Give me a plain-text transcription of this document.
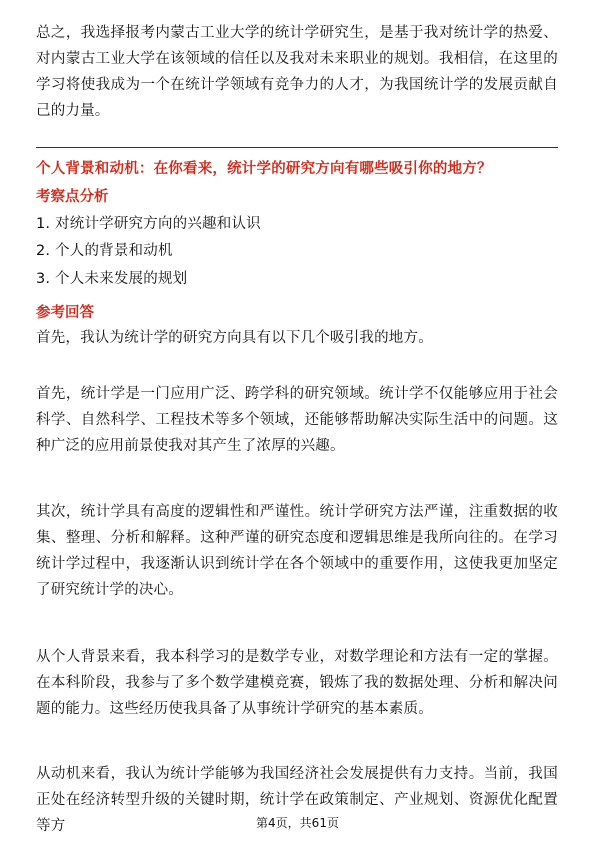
总之，我选择报考内蒙古工业大学的统计学研究生，是基于我对统计学的热爱、对内蒙古工业大学在该领域的信任以及我对未来职业的规划。我相信，在这里的学习将使我成为一个在统计学领域有竞争力的人才，为我国统计学的发展贡献自己的力量。
个人背景和动机：在你看来，统计学的研究方向有哪些吸引你的地方？
考察点分析
1. 对统计学研究方向的兴趣和认识
2. 个人的背景和动机
3. 个人未来发展的规划
参考回答
首先，我认为统计学的研究方向具有以下几个吸引我的地方。
首先，统计学是一门应用广泛、跨学科的研究领域。统计学不仅能够应用于社会科学、自然科学、工程技术等多个领域，还能够帮助解决实际生活中的问题。这种广泛的应用前景使我对其产生了浓厚的兴趣。
其次，统计学具有高度的逻辑性和严谨性。统计学研究方法严谨，注重数据的收集、整理、分析和解释。这种严谨的研究态度和逻辑思维是我所向往的。在学习统计学过程中，我逐渐认识到统计学在各个领域中的重要作用，这使我更加坚定了研究统计学的决心。
从个人背景来看，我本科学习的是数学专业，对数学理论和方法有一定的掌握。在本科阶段，我参与了多个数学建模竞赛，锻炼了我的数据处理、分析和解决问题的能力。这些经历使我具备了从事统计学研究的基本素质。
从动机来看，我认为统计学能够为我国经济社会发展提供有力支持。当前，我国正处在经济转型升级的关键时期，统计学在政策制定、产业规划、资源优化配置等方	第4页，共61页
